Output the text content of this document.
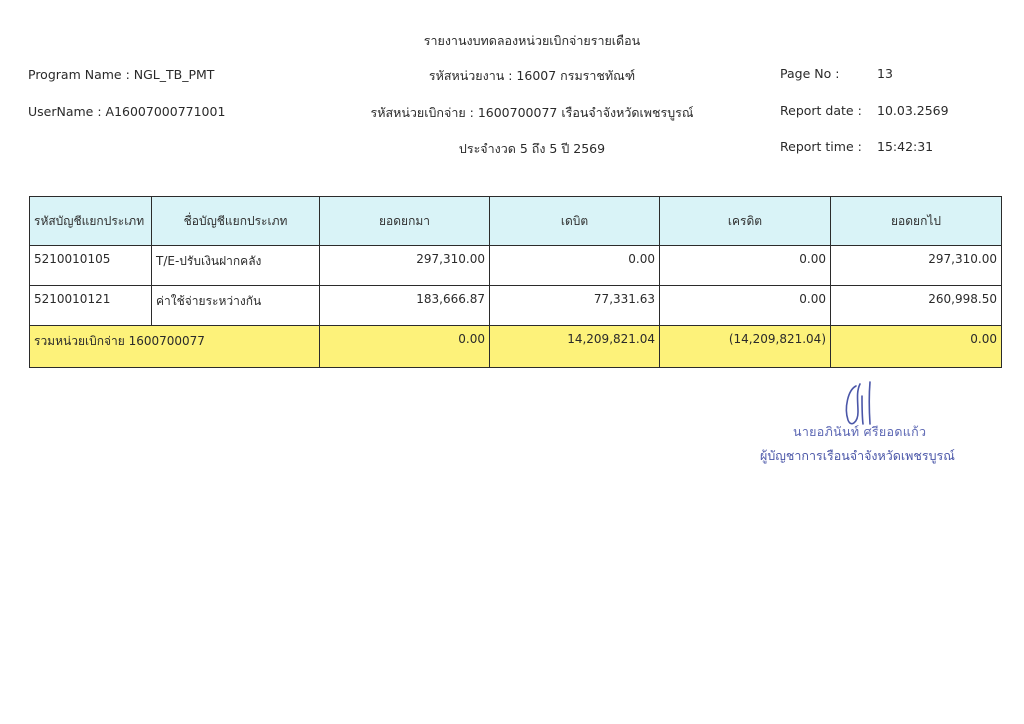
รายงานงบทดลองหน่วยเบิกจ่ายรายเดือน
Program Name : NGL_TB_PMT	รหัสหน่วยงาน : 16007 กรมราชทัณฑ์	Page No :	13
UserName : A16007000771001	รหัสหน่วยเบิกจ่าย : 1600700077 เรือนจำจังหวัดเพชรบูรณ์	Report date : 10.03.2569
ประจำงวด 5 ถึง 5 ปี 2569	Report time : 15:42:31
รหัสบัญชีแยกประเภท	ชื่อบัญชีแยกประเภท	ยอดยกมา	เดบิต	เครดิต	ยอดยกไป
5210010105	T/E-ปรับเงินฝากคลัง	297,310.00	0.00	0.00	297,310.00
5210010121	ค่าใช้จ่ายระหว่างกัน	183,666.87	77,331.63	0.00	260,998.50
รวมหน่วยเบิกจ่าย 1600700077		0.00	14,209,821.04	(14,209,821.04)	0.00
นายอภินันท์ ศรียอดแก้ว
ผู้บัญชาการเรือนจำจังหวัดเพชรบูรณ์
